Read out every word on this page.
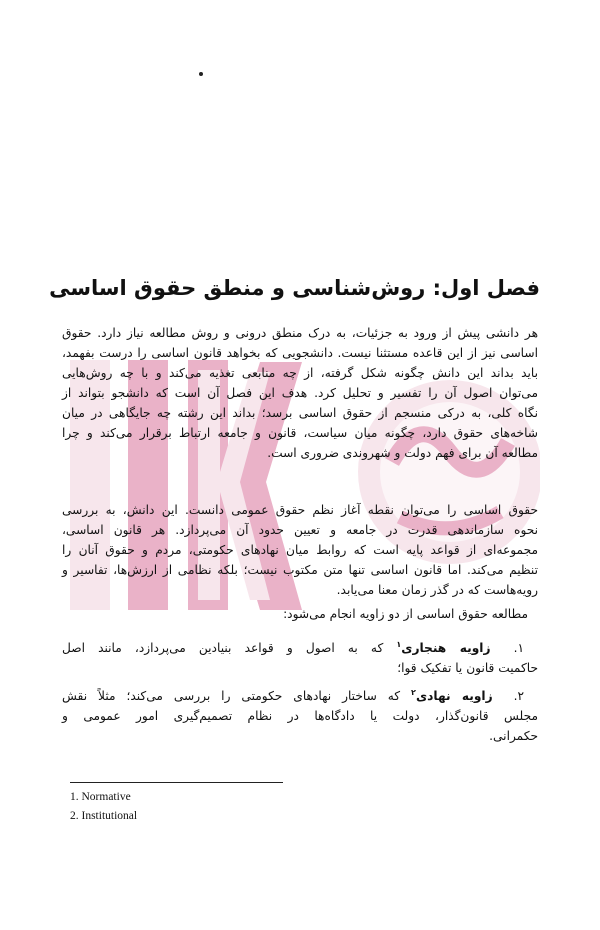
فصل اول: روش‌شناسی و منطق حقوق اساسی
هر دانشی پیش از ورود به جزئیات، به درک منطق درونی و روش مطالعه نیاز دارد. حقوق
اساسی نیز از این قاعده مستثنا نیست. دانشجویی که بخواهد قانون اساسی را درست بفهمد،
باید بداند این دانش چگونه شکل گرفته، از چه منابعی تغذیه می‌کند و با چه روش‌هایی
می‌توان اصول آن را تفسیر و تحلیل کرد. هدف این فصل آن است که دانشجو بتواند از
نگاه کلی، به درکی منسجم از حقوق اساسی برسد؛ بداند این رشته چه جایگاهی در میان
شاخه‌های حقوق دارد، چگونه میان سیاست، قانون و جامعه ارتباط برقرار می‌کند و چرا
مطالعه آن برای فهم دولت و شهروندی ضروری است.
حقوق اساسی را می‌توان نقطه آغاز نظم حقوق عمومی دانست. این دانش، به بررسی
نحوه سازماندهی قدرت در جامعه و تعیین حدود آن می‌پردازد. هر قانون اساسی،
مجموعه‌ای از قواعد پایه است که روابط میان نهادهای حکومتی، مردم و حقوق آنان را
تنظیم می‌کند. اما قانون اساسی تنها متن مکتوب نیست؛ بلکه نظامی از ارزش‌ها، تفاسیر و
رویه‌هاست که در گذر زمان معنا می‌یابد.
مطالعه حقوق اساسی از دو زاویه انجام می‌شود:
۱. زاویه هنجاری$^۱$ که به اصول و قواعد بنیادین می‌پردازد، مانند اصل
حاکمیت قانون یا تفکیک قوا؛
۲. زاویه نهادی$^۲$ که ساختار نهادهای حکومتی را بررسی می‌کند؛ مثلاً نقش
مجلس قانون‌گذار، دولت یا دادگاه‌ها در نظام تصمیم‌گیری امور عمومی و
حکمرانی.
1. Normative
2. Institutional
